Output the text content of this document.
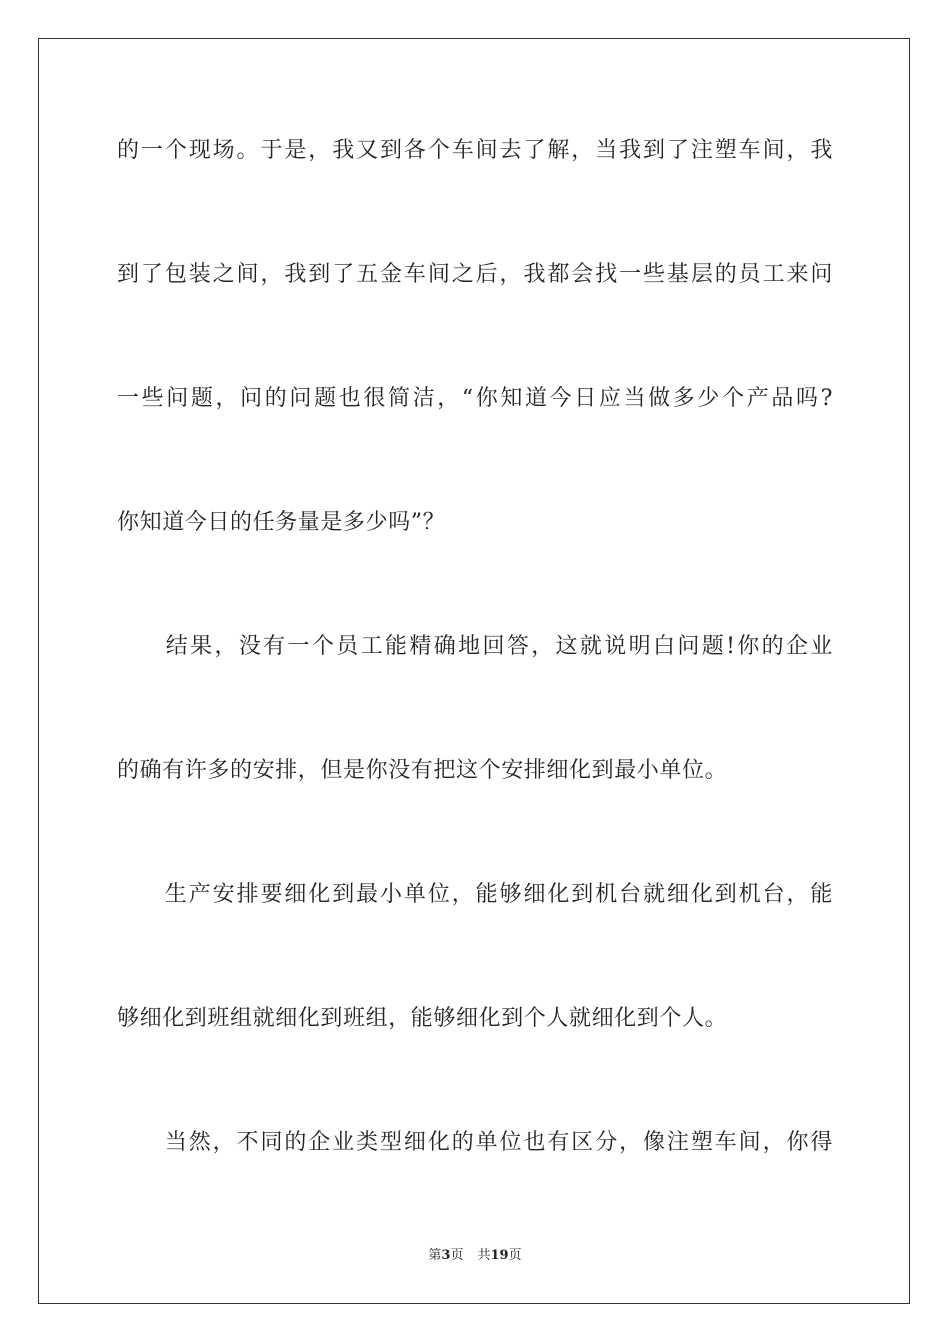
的一个现场。于是，我又到各个车间去了解，当我到了注塑车间，我
到了包装之间，我到了五金车间之后，我都会找一些基层的员工来问
一些问题，问的问题也很简洁，“你知道今日应当做多少个产品吗?
你知道今日的任务量是多少吗”？
　　结果，没有一个员工能精确地回答，这就说明白问题!你的企业
的确有许多的安排，但是你没有把这个安排细化到最小单位。
　　生产安排要细化到最小单位，能够细化到机台就细化到机台，能
够细化到班组就细化到班组，能够细化到个人就细化到个人。
　　当然，不同的企业类型细化的单位也有区分，像注塑车间，你得
第3页 共19页
